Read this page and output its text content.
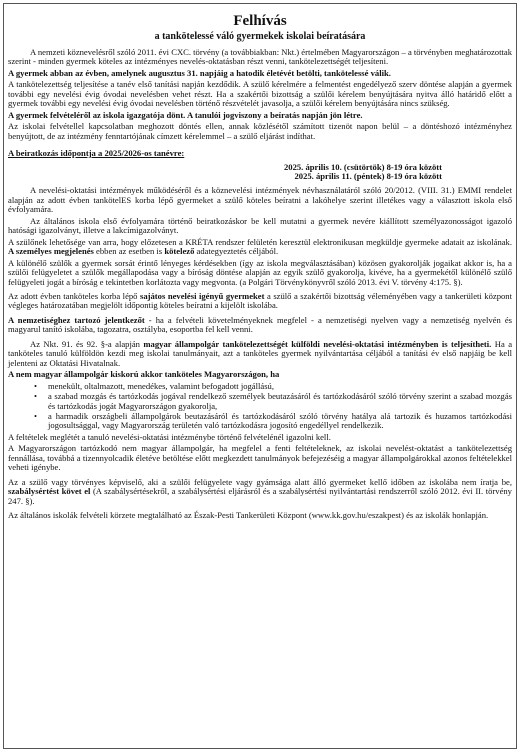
Felhívás
a tankötelessé váló gyermekek iskolai beíratására

A nemzeti köznevelésről szóló 2011. évi CXC. törvény (a továbbiakban: Nkt.) értelmében Magyarországon – a törvényben meghatározottak szerint - minden gyermek köteles az intézményes nevelés-oktatásban részt venni, tankötelezettségét teljesíteni.

A gyermek abban az évben, amelynek augusztus 31. napjáig a hatodik életévét betölti, tankötelessé válik.

A tankötelezettség teljesítése a tanév első tanítási napján kezdődik. A szülő kérelmére a felmentést engedélyező szerv döntése alapján a gyermek további egy nevelési évig óvodai nevelésben vehet részt. Ha a szakértői bizottság a szülői kérelem benyújtására nyitva álló határidő előtt a gyermek további egy nevelési évig óvodai nevelésben történő részvételét javasolja, a szülői kérelem benyújtására nincs szükség.

A gyermek felvételéről az iskola igazgatója dönt. A tanulói jogviszony a beíratás napján jön létre.

Az iskolai felvétellel kapcsolatban meghozott döntés ellen, annak közlésétől számított tizenöt napon belül – a döntéshozó intézményhez benyújtott, de az intézmény fenntartójának címzett kérelemmel – a szülő eljárást indíthat.

A beiratkozás időpontja a 2025/2026-os tanévre:

2025. április 10. (csütörtök) 8-19 óra között

2025. április 11. (péntek) 8-19 óra között

A nevelési-oktatási intézmények működéséről és a köznevelési intézmények névhasználatáról szóló 20/2012. (VIII. 31.) EMMI rendelet alapján az adott évben tankötelES korba lépő gyermeket a szülő köteles beíratni a lakóhelye szerint illetékes vagy a választott iskola első évfolyamára.

Az általános iskola első évfolyamára történő beiratkozáskor be kell mutatni a gyermek nevére kiállított személyazonosságot igazoló hatósági igazolványt, illetve a lakcímigazolványt.

A szülőnek lehetősége van arra, hogy előzetesen a KRÉTA rendszer felületén keresztül elektronikusan megküldje gyermeke adatait az iskolának. A személyes megjelenés ebben az esetben is kötelező adategyeztetés céljából.

A különélő szülők a gyermek sorsát érintő lényeges kérdésekben (így az iskola megválasztásában) közösen gyakorolják jogaikat akkor is, ha a szülői felügyeletet a szülők megállapodása vagy a bíróság döntése alapján az egyik szülő gyakorolja, kivéve, ha a gyermekétől különélő szülő felügyeleti jogát a bíróság e tekintetben korlátozta vagy megvonta. (a Polgári Törvénykönyvről szóló 2013. évi V. törvény 4:175. §).

Az adott évben tanköteles korba lépő sajátos nevelési igényű gyermeket a szülő a szakértői bizottság véleményében vagy a tankerületi központ végleges határozatában megjelölt időpontig köteles beíratni a kijelölt iskolába.

A nemzetiséghez tartozó jelentkezőt - ha a felvételi követelményeknek megfelel - a nemzetiségi nyelven vagy a nemzetiség nyelvén és magyarul tanító iskolába, tagozatra, osztályba, esoportba fel kell venni.

Az Nkt. 91. és 92. §-a alapján magyar állampolgár tankötelezettségét külföldi nevelési-oktatási intézményben is teljesítheti. Ha a tanköteles tanuló külföldön kezdi meg iskolai tanulmányait, azt a tanköteles gyermek nyilvántartása céljából a tanítási év első napjáig be kell jelenteni az Oktatási Hivatalnak.

A nem magyar állampolgár kiskorú akkor tanköteles Magyarországon, ha

• menekült, oltalmazott, menedékes, valamint befogadott jogállású,
• a szabad mozgás és tartózkodás jogával rendelkező személyek beutazásáról és tartózkodásáról szóló törvény szerint a szabad mozgás és tartózkodás jogát Magyarországon gyakorolja,
• a harmadik országbeli állampolgárok beutazásáról és tartózkodásáról szóló törvény hatálya alá tartozik és huzamos tartózkodási jogosultsággal, vagy Magyarország területén való tartózkodásra jogosító engedéllyel rendelkezik.

A feltételek meglétét a tanuló nevelési-oktatási intézménybe történő felvételénél igazolni kell.

A Magyarországon tartózkodó nem magyar állampolgár, ha megfelel a fenti feltételeknek, az iskolai nevelést-oktatást a tankötelezettség fennállása, továbbá a tizennyolcadik életéve betöltése előtt megkezdett tanulmányok befejezéséig a magyar állampolgárokkal azonos feltételekkel veheti igénybe.

Az a szülő vagy törvényes képviselő, aki a szülői felügyelete vagy gyámsága alatt álló gyermeket kellő időben az iskolába nem íratja be, szabálysértést követ el (A szabálysértésekről, a szabálysértési eljárásról és a szabálysértési nyilvántartási rendszerről szóló 2012. évi II. törvény 247. §).

Az általános iskolák felvételi körzete megtalálható az Észak-Pesti Tankerületi Központ (www.kk.gov.hu/eszakpest) és az iskolák honlapján.
